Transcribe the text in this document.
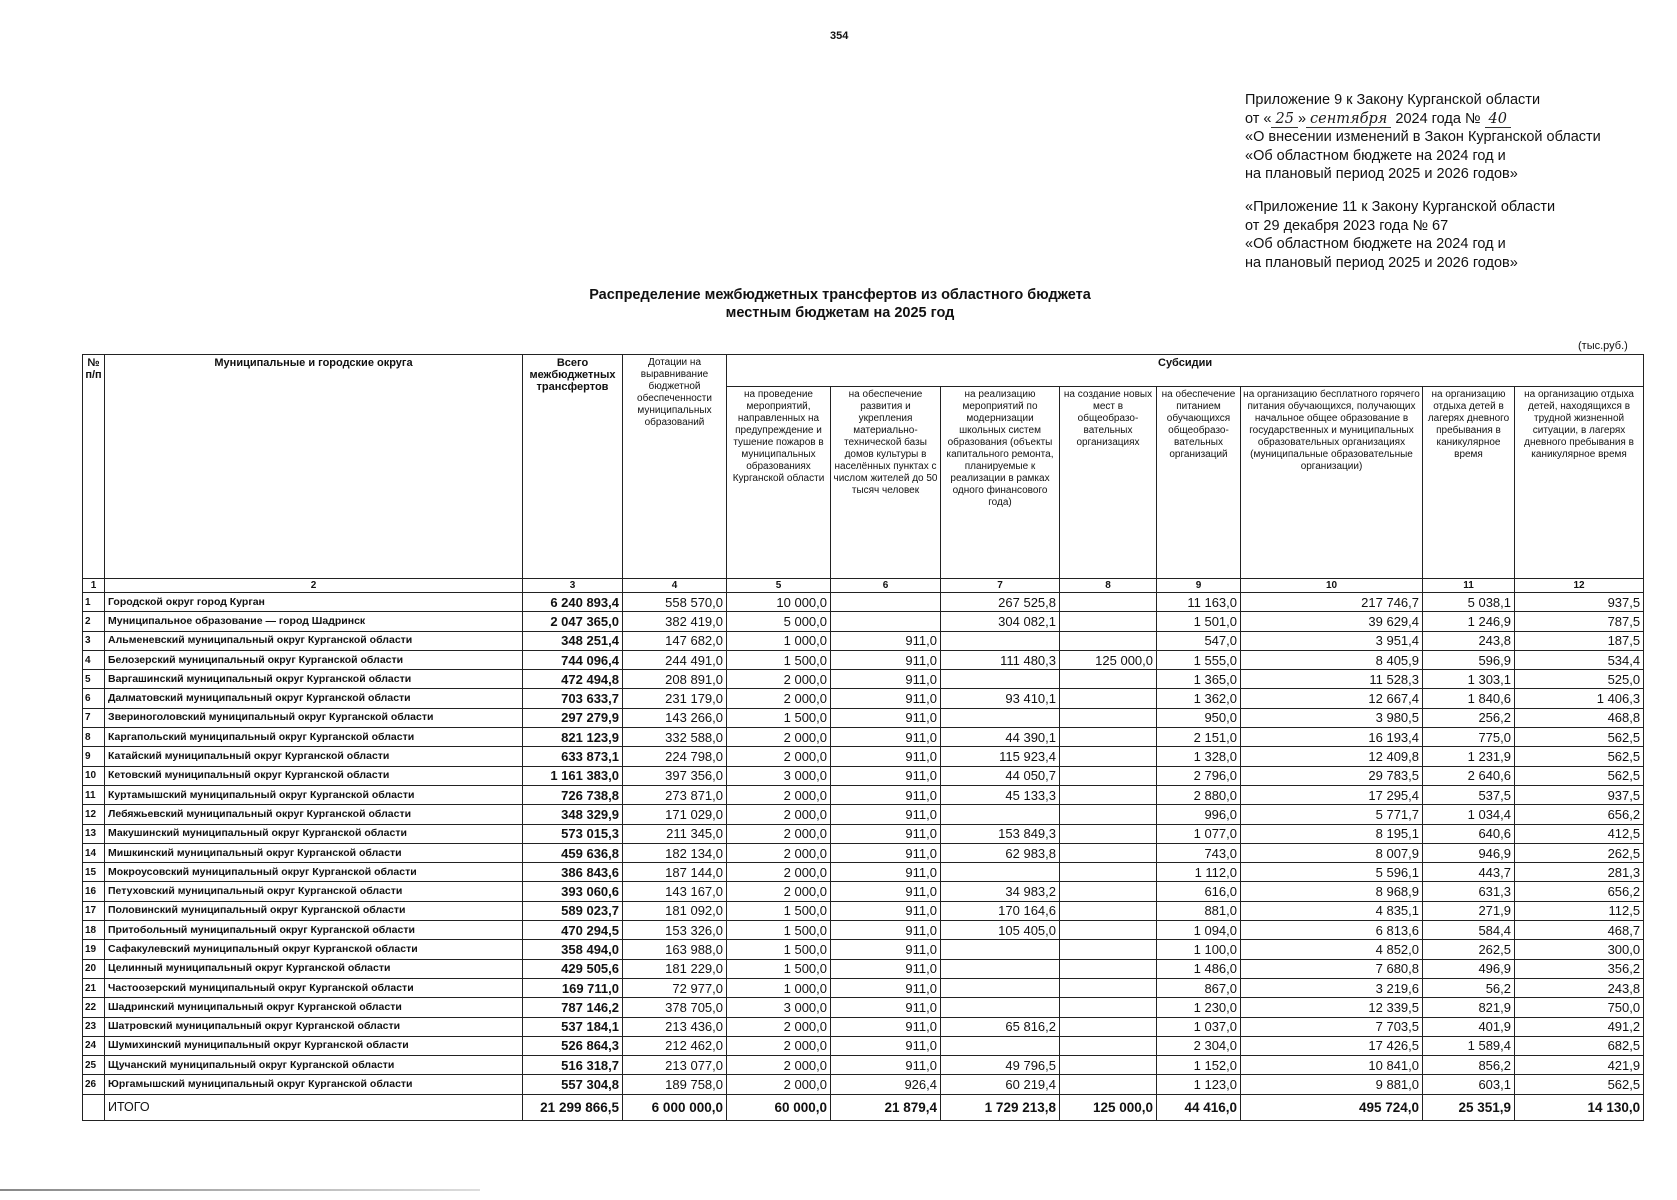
354
Приложение 9 к Закону Курганской области
от « 25 » сентября 2024 года № 40
«О внесении изменений в Закон Курганской области
«Об областном бюджете на 2024 год и
на плановый период 2025 и 2026 годов»
«Приложение 11 к Закону Курганской области
от 29 декабря 2023 года № 67
«Об областном бюджете на 2024 год и
на плановый период 2025 и 2026 годов»
Распределение межбюджетных трансфертов из областного бюджета
местным бюджетам на 2025 год
(тыс.руб.)
№ п/п	Муниципальные и городские округа	Всего межбюджетных трансфертов	Дотации на выравнивание бюджетной обеспеченности муниципальных образований	Субсидии							
				на проведение мероприятий, направленных на предупреждение и тушение пожаров в муниципальных образованиях Курганской области	на обеспечение развития и укрепления материально-технической базы домов культуры в населённых пунктах с числом жителей до 50 тысяч человек	на реализацию мероприятий по модернизации школьных систем образования (объекты капитального ремонта, планируемые к реализации в рамках одного финансового года)	на создание новых мест в общеобразо-вательных организациях	на обеспечение питанием обучающихся общеобразо-вательных организаций	на организацию бесплатного горячего питания обучающихся, получающих начальное общее образование в государственных и муниципальных образовательных организациях (муниципальные образовательные организации)	на организацию отдыха детей в лагерях дневного пребывания в каникулярное время	на организацию отдыха детей, находящихся в трудной жизненной ситуации, в лагерях дневного пребывания в каникулярное время
1	2	3	4	5	6	7	8	9	10	11	12
1	Городской округ город Курган	6 240 893,4	558 570,0	10 000,0		267 525,8		11 163,0	217 746,7	5 038,1	937,5
2	Муниципальное образование — город Шадринск	2 047 365,0	382 419,0	5 000,0		304 082,1		1 501,0	39 629,4	1 246,9	787,5
3	Альменевский муниципальный округ Курганской области	348 251,4	147 682,0	1 000,0	911,0			547,0	3 951,4	243,8	187,5
4	Белозерский муниципальный округ Курганской области	744 096,4	244 491,0	1 500,0	911,0	111 480,3	125 000,0	1 555,0	8 405,9	596,9	534,4
5	Варгашинский муниципальный округ Курганской области	472 494,8	208 891,0	2 000,0	911,0			1 365,0	11 528,3	1 303,1	525,0
6	Далматовский муниципальный округ Курганской области	703 633,7	231 179,0	2 000,0	911,0	93 410,1		1 362,0	12 667,4	1 840,6	1 406,3
7	Звериноголовский муниципальный округ Курганской области	297 279,9	143 266,0	1 500,0	911,0			950,0	3 980,5	256,2	468,8
8	Каргапольский муниципальный округ Курганской области	821 123,9	332 588,0	2 000,0	911,0	44 390,1		2 151,0	16 193,4	775,0	562,5
9	Катайский муниципальный округ Курганской области	633 873,1	224 798,0	2 000,0	911,0	115 923,4		1 328,0	12 409,8	1 231,9	562,5
10	Кетовский муниципальный округ Курганской области	1 161 383,0	397 356,0	3 000,0	911,0	44 050,7		2 796,0	29 783,5	2 640,6	562,5
11	Куртамышский муниципальный округ Курганской области	726 738,8	273 871,0	2 000,0	911,0	45 133,3		2 880,0	17 295,4	537,5	937,5
12	Лебяжьевский муниципальный округ Курганской области	348 329,9	171 029,0	2 000,0	911,0			996,0	5 771,7	1 034,4	656,2
13	Макушинский муниципальный округ Курганской области	573 015,3	211 345,0	2 000,0	911,0	153 849,3		1 077,0	8 195,1	640,6	412,5
14	Мишкинский муниципальный округ Курганской области	459 636,8	182 134,0	2 000,0	911,0	62 983,8		743,0	8 007,9	946,9	262,5
15	Мокроусовский муниципальный округ Курганской области	386 843,6	187 144,0	2 000,0	911,0			1 112,0	5 596,1	443,7	281,3
16	Петуховский муниципальный округ Курганской области	393 060,6	143 167,0	2 000,0	911,0	34 983,2		616,0	8 968,9	631,3	656,2
17	Половинский муниципальный округ Курганской области	589 023,7	181 092,0	1 500,0	911,0	170 164,6		881,0	4 835,1	271,9	112,5
18	Притобольный муниципальный округ Курганской области	470 294,5	153 326,0	1 500,0	911,0	105 405,0		1 094,0	6 813,6	584,4	468,7
19	Сафакулевский муниципальный округ Курганской области	358 494,0	163 988,0	1 500,0	911,0			1 100,0	4 852,0	262,5	300,0
20	Целинный муниципальный округ Курганской области	429 505,6	181 229,0	1 500,0	911,0			1 486,0	7 680,8	496,9	356,2
21	Частоозерский муниципальный округ Курганской области	169 711,0	72 977,0	1 000,0	911,0			867,0	3 219,6	56,2	243,8
22	Шадринский муниципальный округ Курганской области	787 146,2	378 705,0	3 000,0	911,0			1 230,0	12 339,5	821,9	750,0
23	Шатровский муниципальный округ Курганской области	537 184,1	213 436,0	2 000,0	911,0	65 816,2		1 037,0	7 703,5	401,9	491,2
24	Шумихинский муниципальный округ Курганской области	526 864,3	212 462,0	2 000,0	911,0			2 304,0	17 426,5	1 589,4	682,5
25	Щучанский муниципальный округ Курганской области	516 318,7	213 077,0	2 000,0	911,0	49 796,5		1 152,0	10 841,0	856,2	421,9
26	Юргамышский муниципальный округ Курганской области	557 304,8	189 758,0	2 000,0	926,4	60 219,4		1 123,0	9 881,0	603,1	562,5
	ИТОГО	21 299 866,5	6 000 000,0	60 000,0	21 879,4	1 729 213,8	125 000,0	44 416,0	495 724,0	25 351,9	14 130,0
